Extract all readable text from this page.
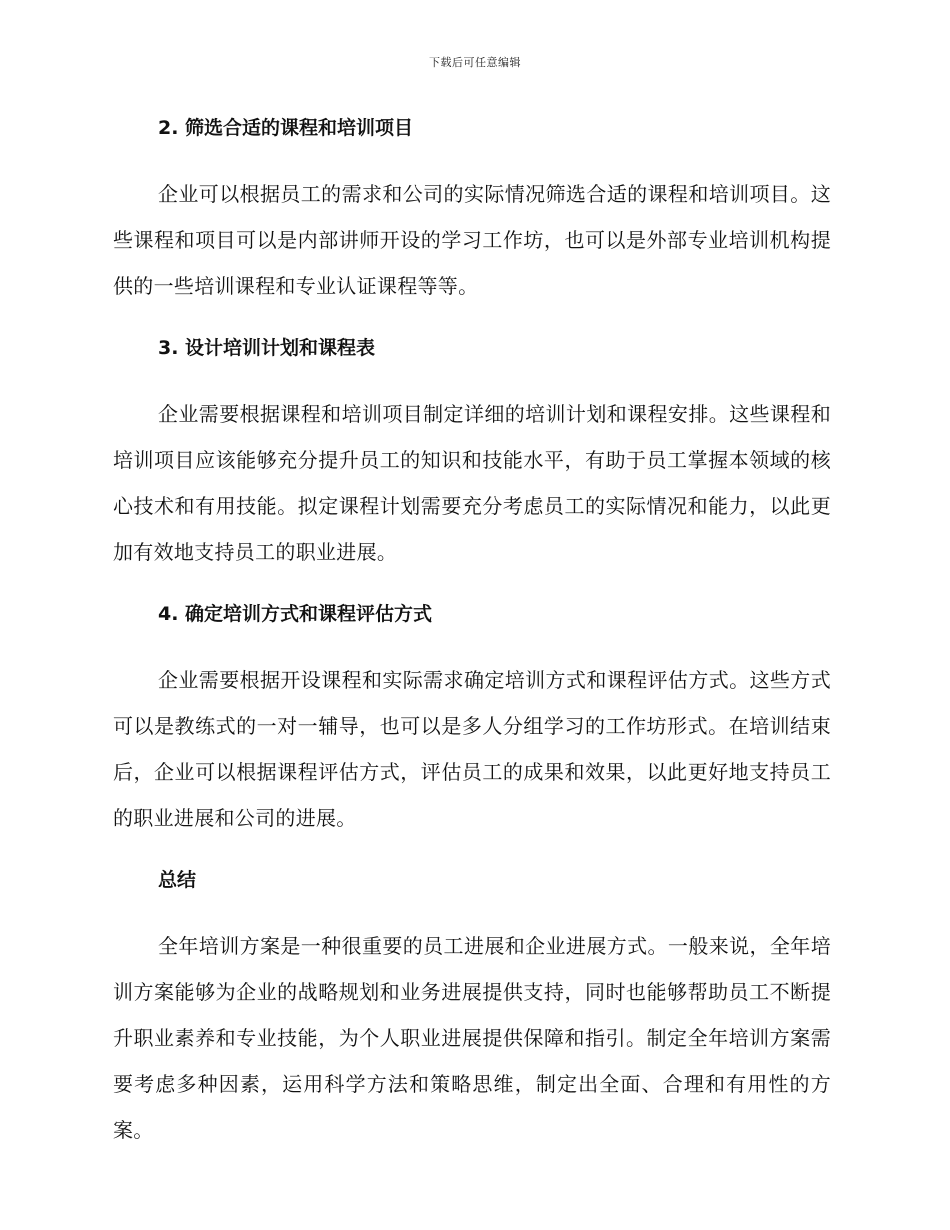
下载后可任意编辑
2. 筛选合适的课程和培训项目

企业可以根据员工的需求和公司的实际情况筛选合适的课程和培训项目。这些课程和项目可以是内部讲师开设的学习工作坊，也可以是外部专业培训机构提供的一些培训课程和专业认证课程等等。

3. 设计培训计划和课程表

企业需要根据课程和培训项目制定详细的培训计划和课程安排。这些课程和培训项目应该能够充分提升员工的知识和技能水平，有助于员工掌握本领域的核心技术和有用技能。拟定课程计划需要充分考虑员工的实际情况和能力，以此更加有效地支持员工的职业进展。

4. 确定培训方式和课程评估方式

企业需要根据开设课程和实际需求确定培训方式和课程评估方式。这些方式可以是教练式的一对一辅导，也可以是多人分组学习的工作坊形式。在培训结束后，企业可以根据课程评估方式，评估员工的成果和效果，以此更好地支持员工的职业进展和公司的进展。

总结

全年培训方案是一种很重要的员工进展和企业进展方式。一般来说，全年培训方案能够为企业的战略规划和业务进展提供支持，同时也能够帮助员工不断提升职业素养和专业技能，为个人职业进展提供保障和指引。制定全年培训方案需要考虑多种因素，运用科学方法和策略思维，制定出全面、合理和有用性的方案。
